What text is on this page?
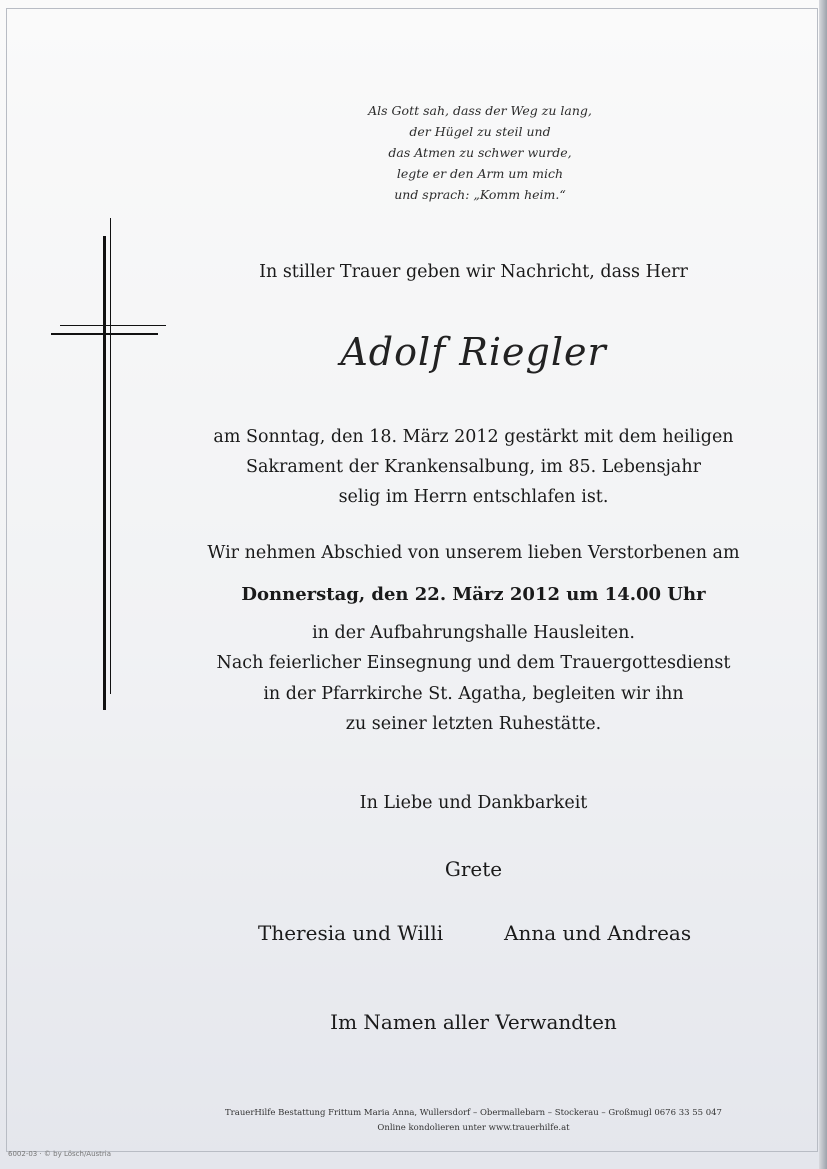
Als Gott sah, dass der Weg zu lang,
der Hügel zu steil und
das Atmen zu schwer wurde,
legte er den Arm um mich
und sprach: „Komm heim.“
In stiller Trauer geben wir Nachricht, dass Herr
Adolf Riegler
am Sonntag, den 18. März 2012 gestärkt mit dem heiligen
Sakrament der Krankensalbung, im 85. Lebensjahr
selig im Herrn entschlafen ist.
Wir nehmen Abschied von unserem lieben Verstorbenen am
Donnerstag, den 22. März 2012 um 14.00 Uhr
in der Aufbahrungshalle Hausleiten.
Nach feierlicher Einsegnung und dem Trauergottesdienst
in der Pfarrkirche St. Agatha, begleiten wir ihn
zu seiner letzten Ruhestätte.
In Liebe und Dankbarkeit
Grete
Theresia und Willi	Anna und Andreas
Im Namen aller Verwandten
TrauerHilfe Bestattung Frittum Maria Anna, Wullersdorf – Obermallebarn – Stockerau – Großmugl 0676 33 55 047
Online kondolieren unter www.trauerhilfe.at
6002-03 · © by Lösch/Austria
